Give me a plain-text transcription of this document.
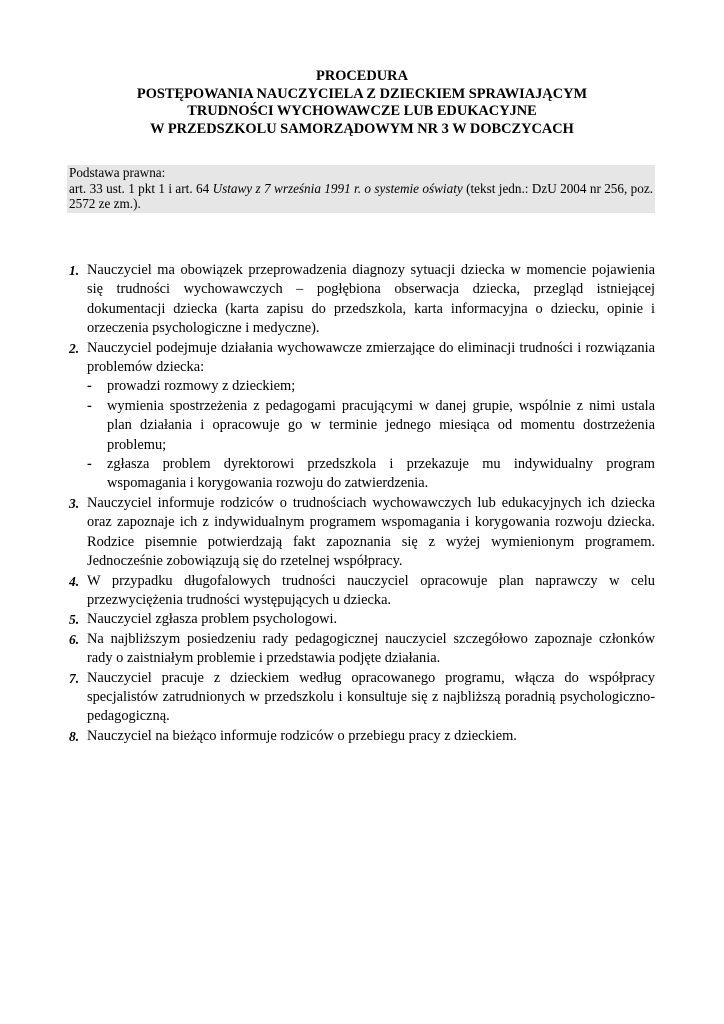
PROCEDURA
POSTĘPOWANIA NAUCZYCIELA Z DZIECKIEM SPRAWIAJĄCYM
TRUDNOŚCI WYCHOWAWCZE LUB EDUKACYJNE
W PRZEDSZKOLU SAMORZĄDOWYM NR 3 W DOBCZYCACH
Podstawa prawna:
art. 33 ust. 1 pkt 1 i art. 64 Ustawy z 7 września 1991 r. o systemie oświaty (tekst jedn.: DzU 2004 nr 256, poz. 2572 ze zm.).
1. Nauczyciel ma obowiązek przeprowadzenia diagnozy sytuacji dziecka w momencie pojawienia się trudności wychowawczych – pogłębiona obserwacja dziecka, przegląd istniejącej dokumentacji dziecka (karta zapisu do przedszkola, karta informacyjna o dziecku, opinie i orzeczenia psychologiczne i medyczne).
2. Nauczyciel podejmuje działania wychowawcze zmierzające do eliminacji trudności i rozwiązania problemów dziecka:
- prowadzi rozmowy z dzieckiem;
- wymienia spostrzeżenia z pedagogami pracującymi w danej grupie, wspólnie z nimi ustala plan działania i opracowuje go w terminie jednego miesiąca od momentu dostrzeżenia problemu;
- zgłasza problem dyrektorowi przedszkola i przekazuje mu indywidualny program wspomagania i korygowania rozwoju do zatwierdzenia.
3. Nauczyciel informuje rodziców o trudnościach wychowawczych lub edukacyjnych ich dziecka oraz zapoznaje ich z indywidualnym programem wspomagania i korygowania rozwoju dziecka. Rodzice pisemnie potwierdzają fakt zapoznania się z wyżej wymienionym programem. Jednocześnie zobowiązują się do rzetelnej współpracy.
4. W przypadku długofalowych trudności nauczyciel opracowuje plan naprawczy w celu przezwyciężenia trudności występujących u dziecka.
5. Nauczyciel zgłasza problem psychologowi.
6. Na najbliższym posiedzeniu rady pedagogicznej nauczyciel szczegółowo zapoznaje członków rady o zaistniałym problemie i przedstawia podjęte działania.
7. Nauczyciel pracuje z dzieckiem według opracowanego programu, włącza do współpracy specjalistów zatrudnionych w przedszkolu i konsultuje się z najbliższą poradnią psychologiczno-pedagogiczną.
8. Nauczyciel na bieżąco informuje rodziców o przebiegu pracy z dzieckiem.
